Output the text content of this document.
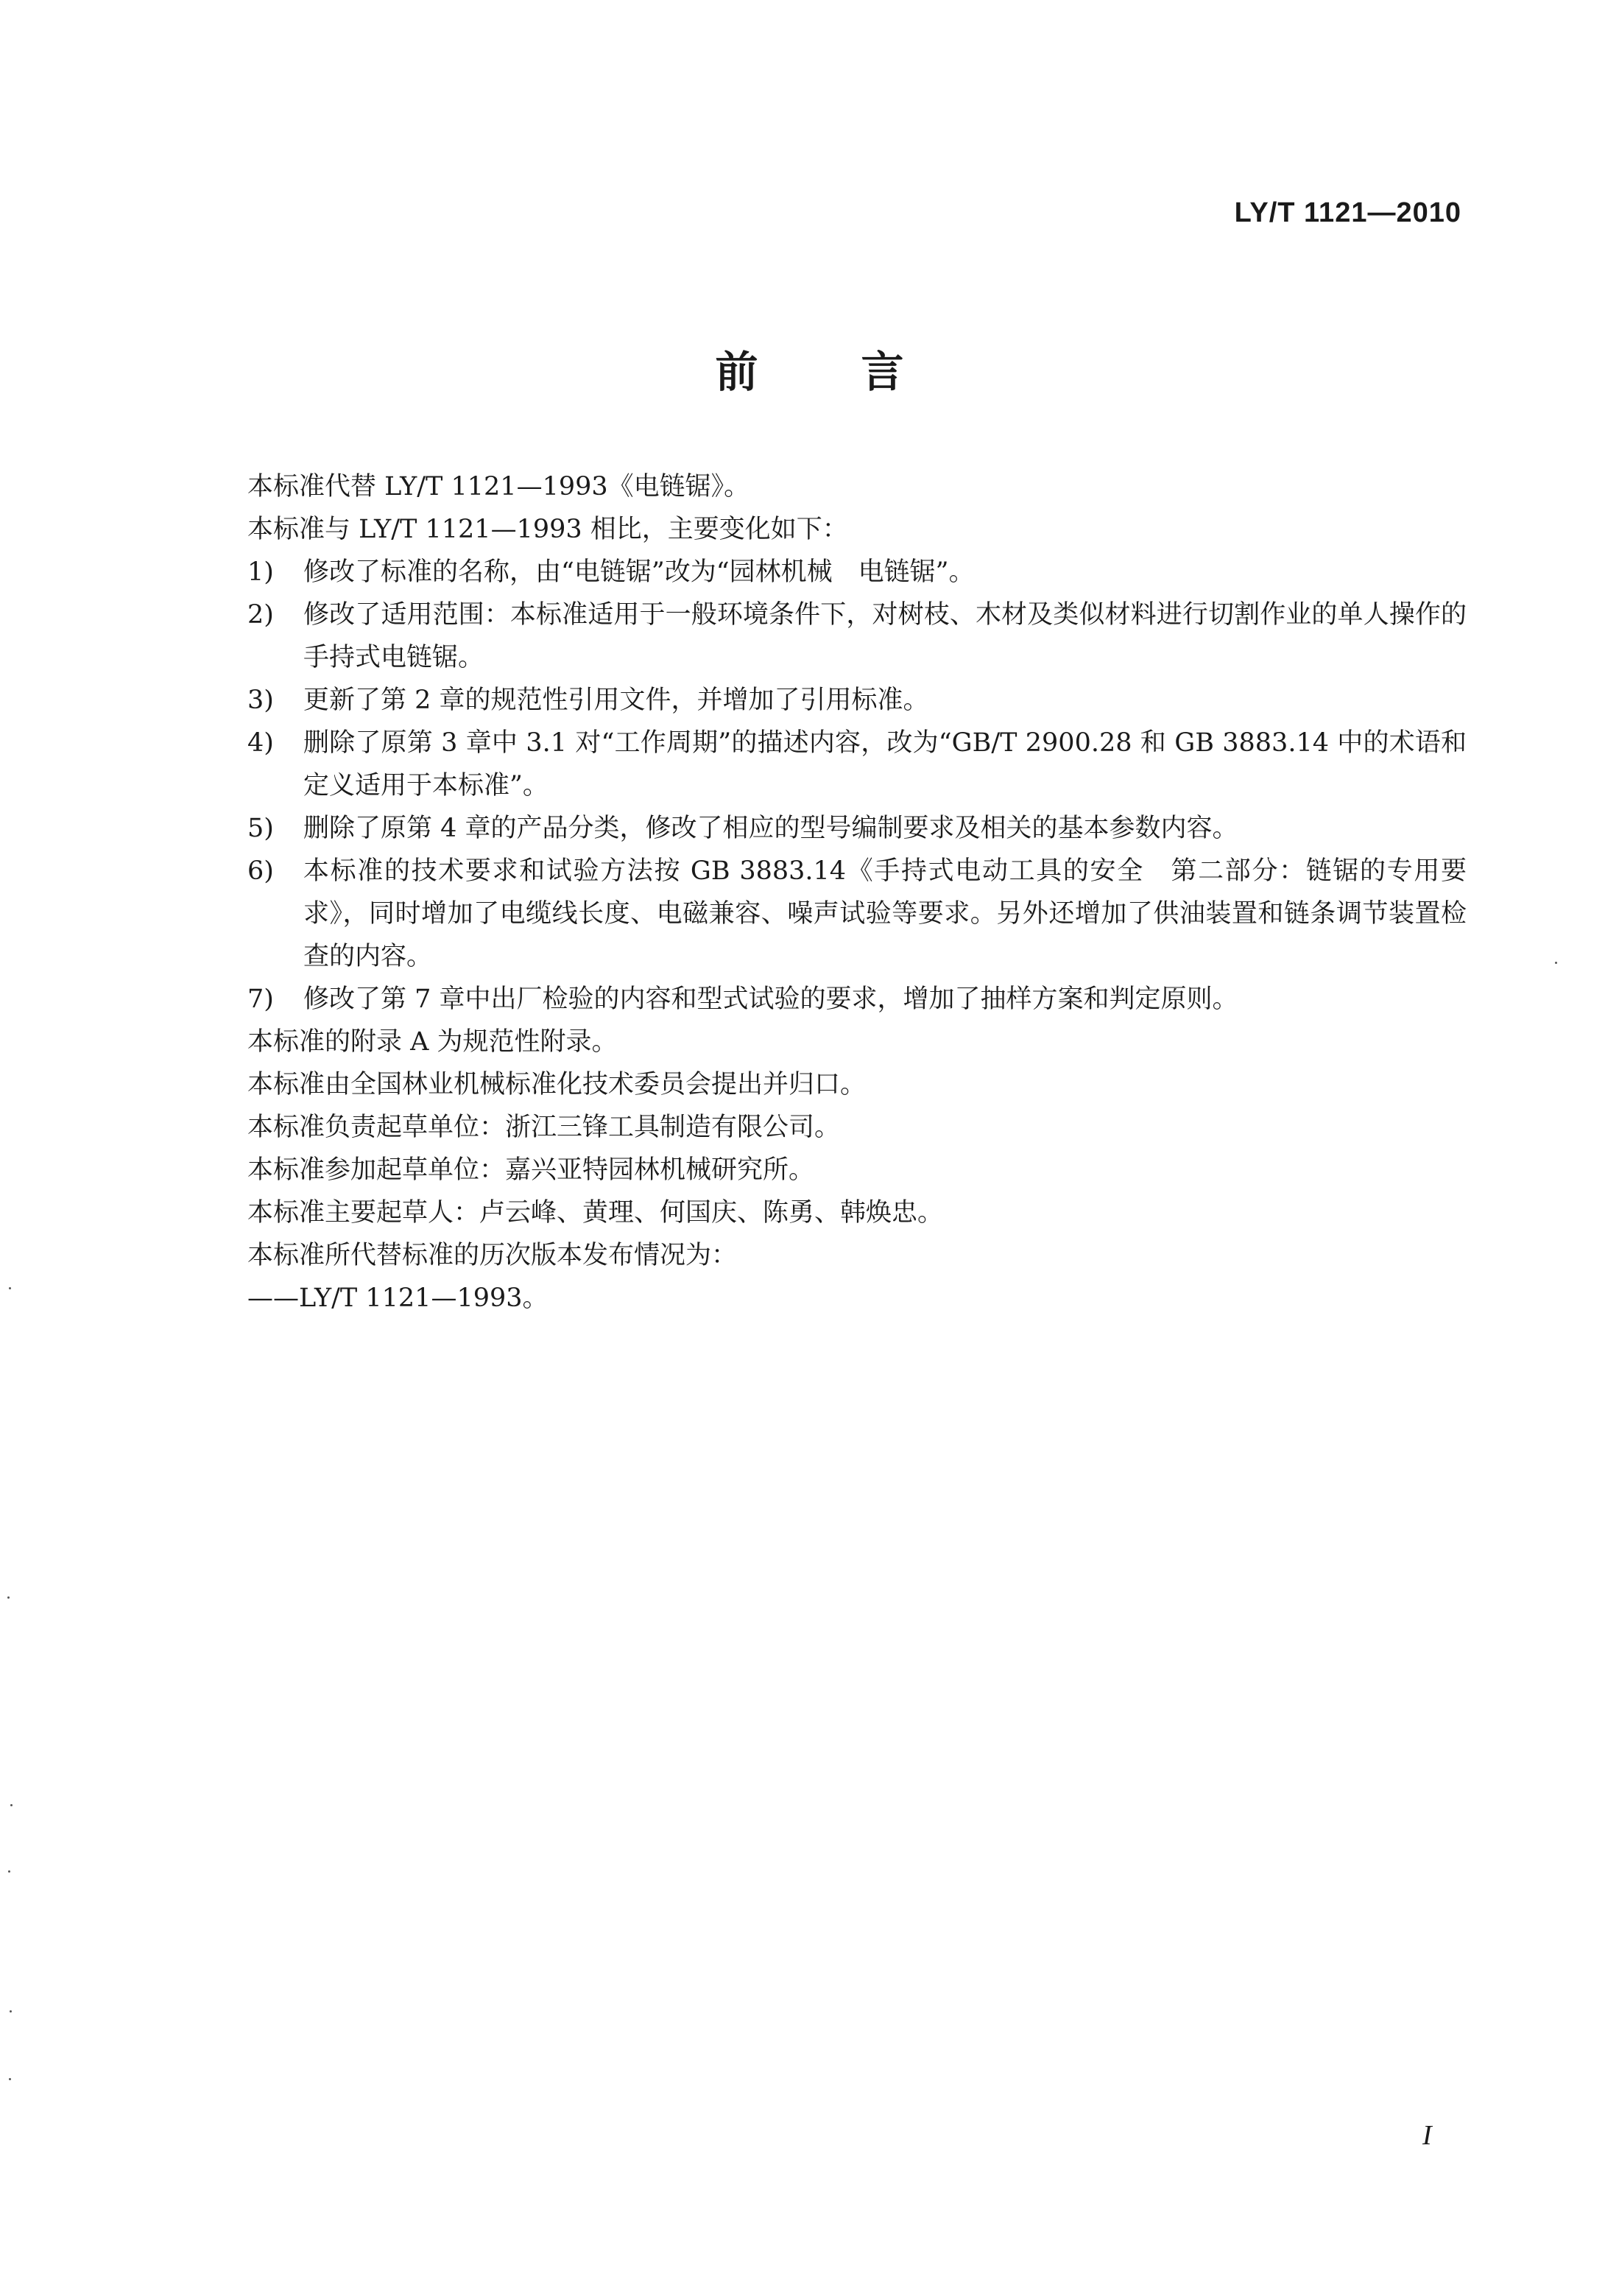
LY/T 1121—2010
前言
本标准代替 LY/T 1121—1993《电链锯》。
本标准与 LY/T 1121—1993 相比，主要变化如下：
1)	修改了标准的名称，由“电链锯”改为“园林机械　电链锯”。
2)	修改了适用范围：本标准适用于一般环境条件下，对树枝、木材及类似材料进行切割作业的单人操作的手持式电链锯。
3)	更新了第 2 章的规范性引用文件，并增加了引用标准。
4)	删除了原第 3 章中 3.1 对“工作周期”的描述内容，改为“GB/T 2900.28 和 GB 3883.14 中的术语和定义适用于本标准”。
5)	删除了原第 4 章的产品分类，修改了相应的型号编制要求及相关的基本参数内容。
6)	本标准的技术要求和试验方法按 GB 3883.14《手持式电动工具的安全　第二部分：链锯的专用要求》，同时增加了电缆线长度、电磁兼容、噪声试验等要求。另外还增加了供油装置和链条调节装置检查的内容。
7)	修改了第 7 章中出厂检验的内容和型式试验的要求，增加了抽样方案和判定原则。
本标准的附录 A 为规范性附录。
本标准由全国林业机械标准化技术委员会提出并归口。
本标准负责起草单位：浙江三锋工具制造有限公司。
本标准参加起草单位：嘉兴亚特园林机械研究所。
本标准主要起草人：卢云峰、黄理、何国庆、陈勇、韩焕忠。
本标准所代替标准的历次版本发布情况为：
——LY/T 1121—1993。
I
